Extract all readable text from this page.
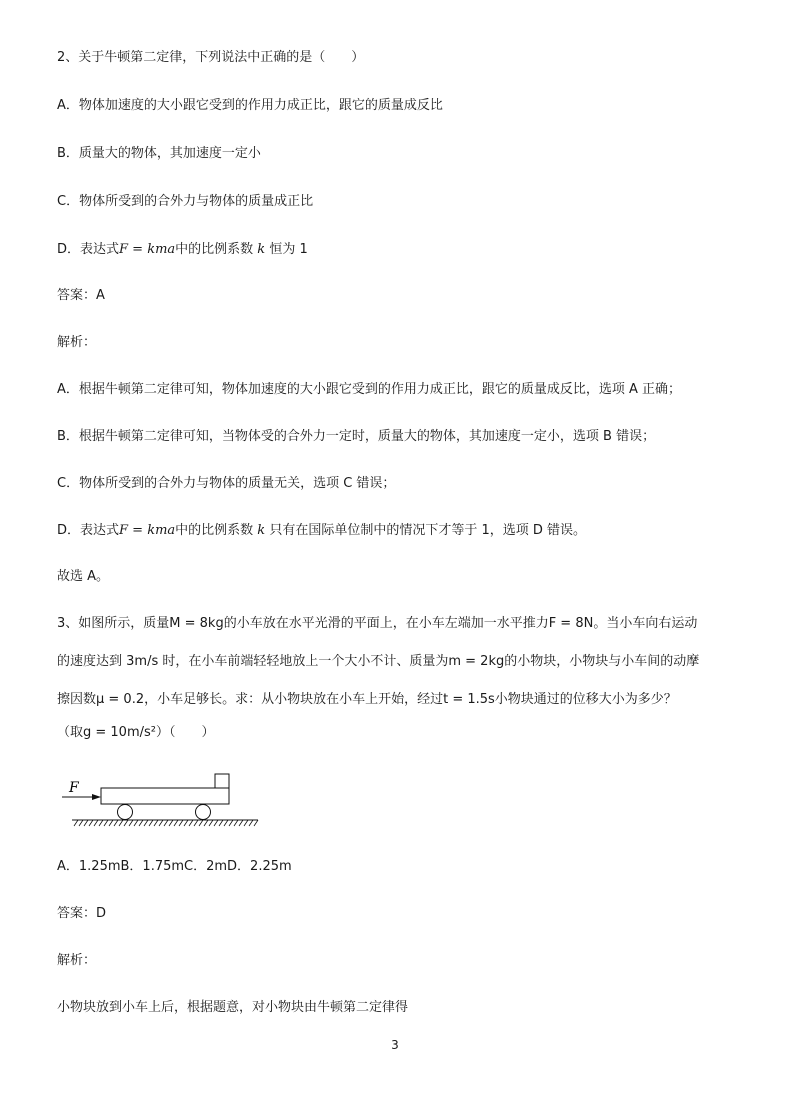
2、关于牛顿第二定律，下列说法中正确的是（　　）
A．物体加速度的大小跟它受到的作用力成正比，跟它的质量成反比
B．质量大的物体，其加速度一定小
C．物体所受到的合外力与物体的质量成正比
D．表达式F = kma中的比例系数 k 恒为 1
答案：A
解析：
A．根据牛顿第二定律可知，物体加速度的大小跟它受到的作用力成正比，跟它的质量成反比，选项 A 正确；
B．根据牛顿第二定律可知，当物体受的合外力一定时，质量大的物体，其加速度一定小，选项 B 错误；
C．物体所受到的合外力与物体的质量无关，选项 C 错误；
D．表达式F = kma中的比例系数 k 只有在国际单位制中的情况下才等于 1，选项 D 错误。
故选 A。
3、如图所示，质量M = 8kg的小车放在水平光滑的平面上，在小车左端加一水平推力F = 8N。当小车向右运动
的速度达到 3m/s 时，在小车前端轻轻地放上一个大小不计、质量为m = 2kg的小物块，小物块与小车间的动摩
擦因数μ = 0.2，小车足够长。求：从小物块放在小车上开始，经过t = 1.5s小物块通过的位移大小为多少？
（取g = 10m/s²）（　　）
F
A．1.25mB．1.75mC．2mD．2.25m
答案：D
解析：
小物块放到小车上后，根据题意，对小物块由牛顿第二定律得
3
